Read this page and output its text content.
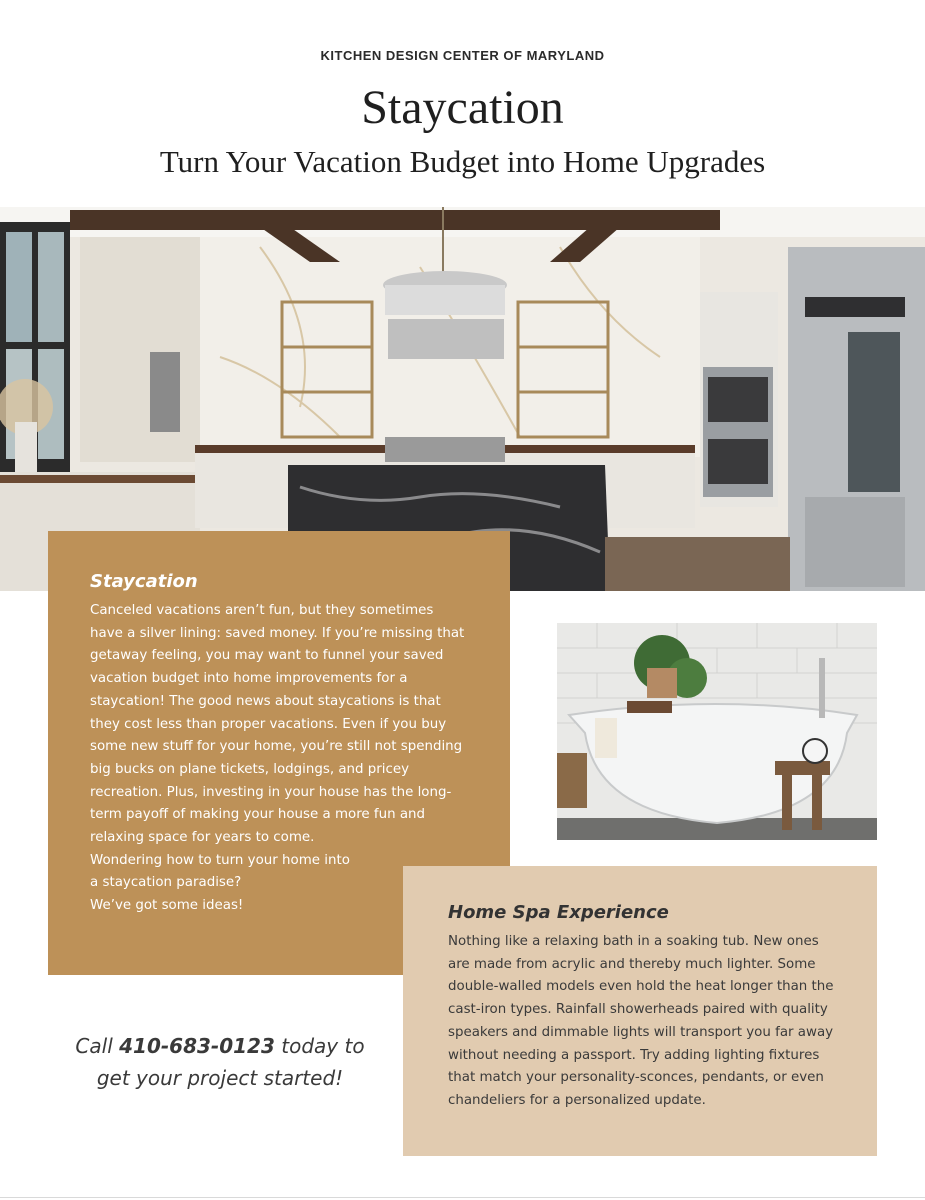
KITCHEN DESIGN CENTER OF MARYLAND
Staycation
Turn Your Vacation Budget into Home Upgrades
Staycation

Canceled vacations aren’t fun, but they sometimes have a silver lining: saved money. If you’re missing that getaway feeling, you may want to funnel your saved vacation budget into home improvements for a staycation! The good news about staycations is that they cost less than proper vacations. Even if you buy some new stuff for your home, you’re still not spending big bucks on plane tickets, lodgings, and pricey recreation. Plus, investing in your house has the long- term payoff of making your house a more fun and relaxing space for years to come.

Wondering how to turn your home into
a staycation paradise?
We’ve got some ideas!	Home Spa Experience

Nothing like a relaxing bath in a soaking tub. New ones are made from acrylic and thereby much lighter. Some double-walled models even hold the heat longer than the cast-iron types. Rainfall showerheads paired with quality speakers and dimmable lights will transport you far away without needing a passport. Try adding lighting fixtures that match your personality-sconces, pendants, or even chandeliers for a personalized update.

Call 410-683-0123 today to
get your project started!
